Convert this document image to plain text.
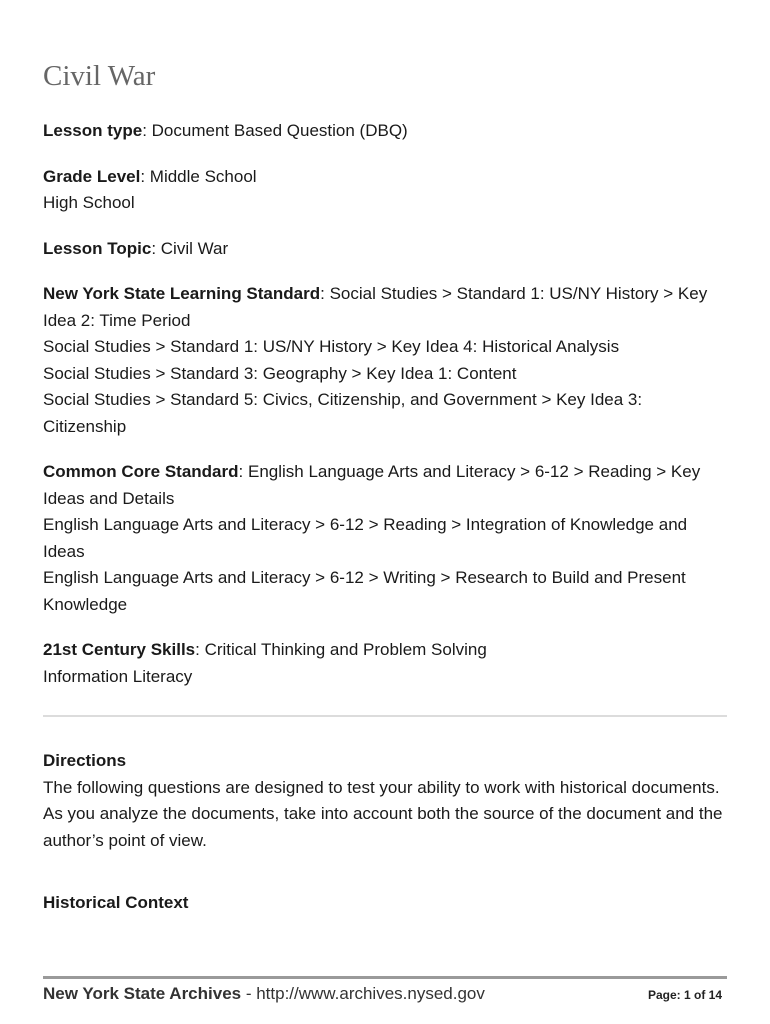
Civil War
Lesson type: Document Based Question (DBQ)
Grade Level: Middle School
High School
Lesson Topic: Civil War
New York State Learning Standard: Social Studies > Standard 1: US/NY History > Key Idea 2: Time Period
Social Studies > Standard 1: US/NY History > Key Idea 4: Historical Analysis
Social Studies > Standard 3: Geography > Key Idea 1: Content
Social Studies > Standard 5: Civics, Citizenship, and Government > Key Idea 3: Citizenship
Common Core Standard: English Language Arts and Literacy > 6-12 > Reading > Key Ideas and Details
English Language Arts and Literacy > 6-12 > Reading > Integration of Knowledge and Ideas
English Language Arts and Literacy > 6-12 > Writing > Research to Build and Present Knowledge
21st Century Skills: Critical Thinking and Problem Solving
Information Literacy
Directions
The following questions are designed to test your ability to work with historical documents. As you analyze the documents, take into account both the source of the document and the author’s point of view.
Historical Context
New York State Archives - http://www.archives.nysed.gov	Page: 1 of 14
